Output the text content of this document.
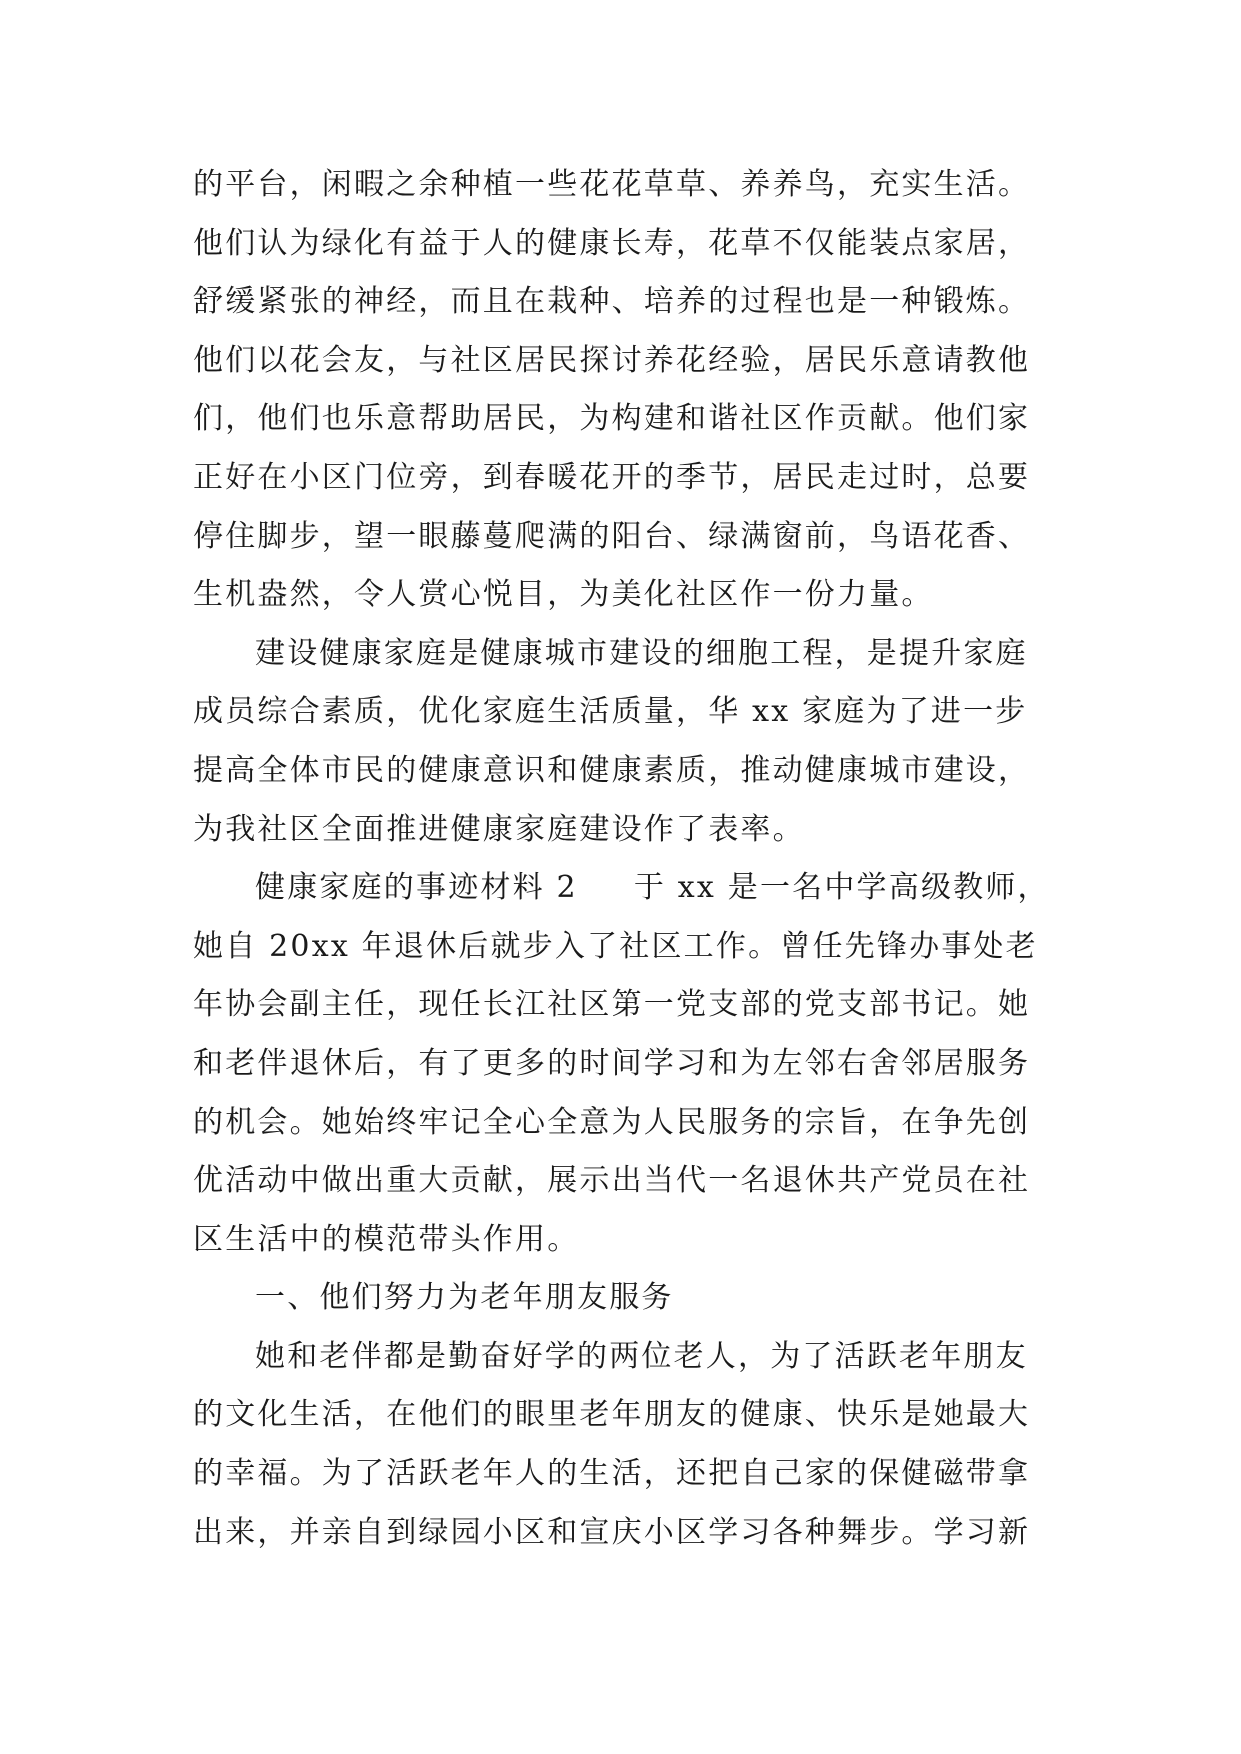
的平台，闲暇之余种植一些花花草草、养养鸟，充实生活。
他们认为绿化有益于人的健康长寿，花草不仅能装点家居，
舒缓紧张的神经，而且在栽种、培养的过程也是一种锻炼。
他们以花会友，与社区居民探讨养花经验，居民乐意请教他
们，他们也乐意帮助居民，为构建和谐社区作贡献。他们家
正好在小区门位旁，到春暖花开的季节，居民走过时，总要
停住脚步，望一眼藤蔓爬满的阳台、绿满窗前，鸟语花香、
生机盎然，令人赏心悦目，为美化社区作一份力量。
建设健康家庭是健康城市建设的细胞工程，是提升家庭
成员综合素质，优化家庭生活质量，华 xx 家庭为了进一步
提高全体市民的健康意识和健康素质，推动健康城市建设，
为我社区全面推进健康家庭建设作了表率。
健康家庭的事迹材料 2 于 xx 是一名中学高级教师，
她自 20xx 年退休后就步入了社区工作。曾任先锋办事处老
年协会副主任，现任长江社区第一党支部的党支部书记。她
和老伴退休后，有了更多的时间学习和为左邻右舍邻居服务
的机会。她始终牢记全心全意为人民服务的宗旨，在争先创
优活动中做出重大贡献，展示出当代一名退休共产党员在社
区生活中的模范带头作用。
一、他们努力为老年朋友服务
她和老伴都是勤奋好学的两位老人，为了活跃老年朋友
的文化生活，在他们的眼里老年朋友的健康、快乐是她最大
的幸福。为了活跃老年人的生活，还把自己家的保健磁带拿
出来，并亲自到绿园小区和宣庆小区学习各种舞步。学习新
